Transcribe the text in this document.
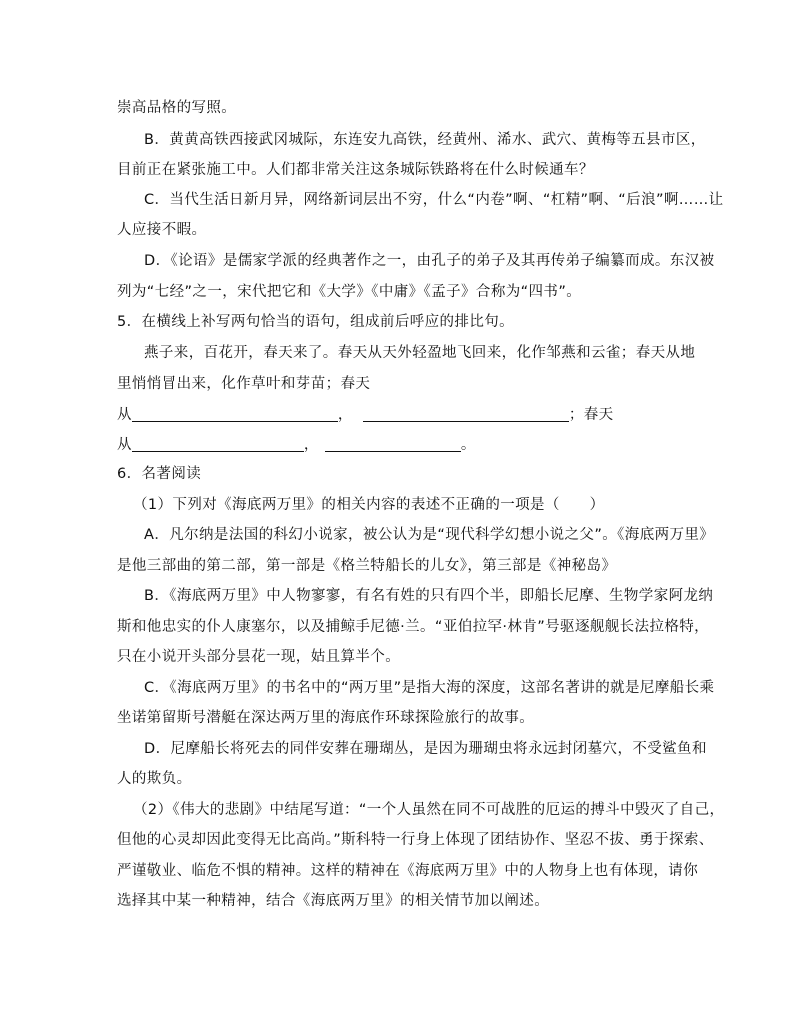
崇高品格的写照。
B．黄黄高铁西接武冈城际，东连安九高铁，经黄州、浠水、武穴、黄梅等五县市区，
目前正在紧张施工中。人们都非常关注这条城际铁路将在什么时候通车？
C．当代生活日新月异，网络新词层出不穷，什么“内卷”啊、“杠精”啊、“后浪”啊……让
人应接不暇。
D．《论语》是儒家学派的经典著作之一，由孔子的弟子及其再传弟子编纂而成。东汉被
列为“七经”之一，宋代把它和《大学》《中庸》《孟子》合称为“四书”。
5．在横线上补写两句恰当的语句，组成前后呼应的排比句。
燕子来，百花开，春天来了。春天从天外轻盈地飞回来，化作邹燕和云雀；春天从地
里悄悄冒出来，化作草叶和芽苗；春天
从	，	；春天
从	，	。
6．名著阅读
（1）下列对《海底两万里》的相关内容的表述不正确的一项是（　　）
A．凡尔纳是法国的科幻小说家，被公认为是“现代科学幻想小说之父”。《海底两万里》
是他三部曲的第二部，第一部是《格兰特船长的儿女》，第三部是《神秘岛》
B．《海底两万里》中人物寥寥，有名有姓的只有四个半，即船长尼摩、生物学家阿龙纳
斯和他忠实的仆人康塞尔，以及捕鲸手尼德·兰。“亚伯拉罕·林肯”号驱逐舰舰长法拉格特，
只在小说开头部分昙花一现，姑且算半个。
C．《海底两万里》的书名中的“两万里”是指大海的深度，这部名著讲的就是尼摩船长乘
坐诺第留斯号潜艇在深达两万里的海底作环球探险旅行的故事。
D．尼摩船长将死去的同伴安葬在珊瑚丛，是因为珊瑚虫将永远封闭墓穴，不受鲨鱼和
人的欺负。
（2）《伟大的悲剧》中结尾写道：“一个人虽然在同不可战胜的厄运的搏斗中毁灭了自己，
但他的心灵却因此变得无比高尚。”斯科特一行身上体现了团结协作、坚忍不拔、勇于探索、
严谨敬业、临危不惧的精神。这样的精神在《海底两万里》中的人物身上也有体现，请你
选择其中某一种精神，结合《海底两万里》的相关情节加以阐述。
